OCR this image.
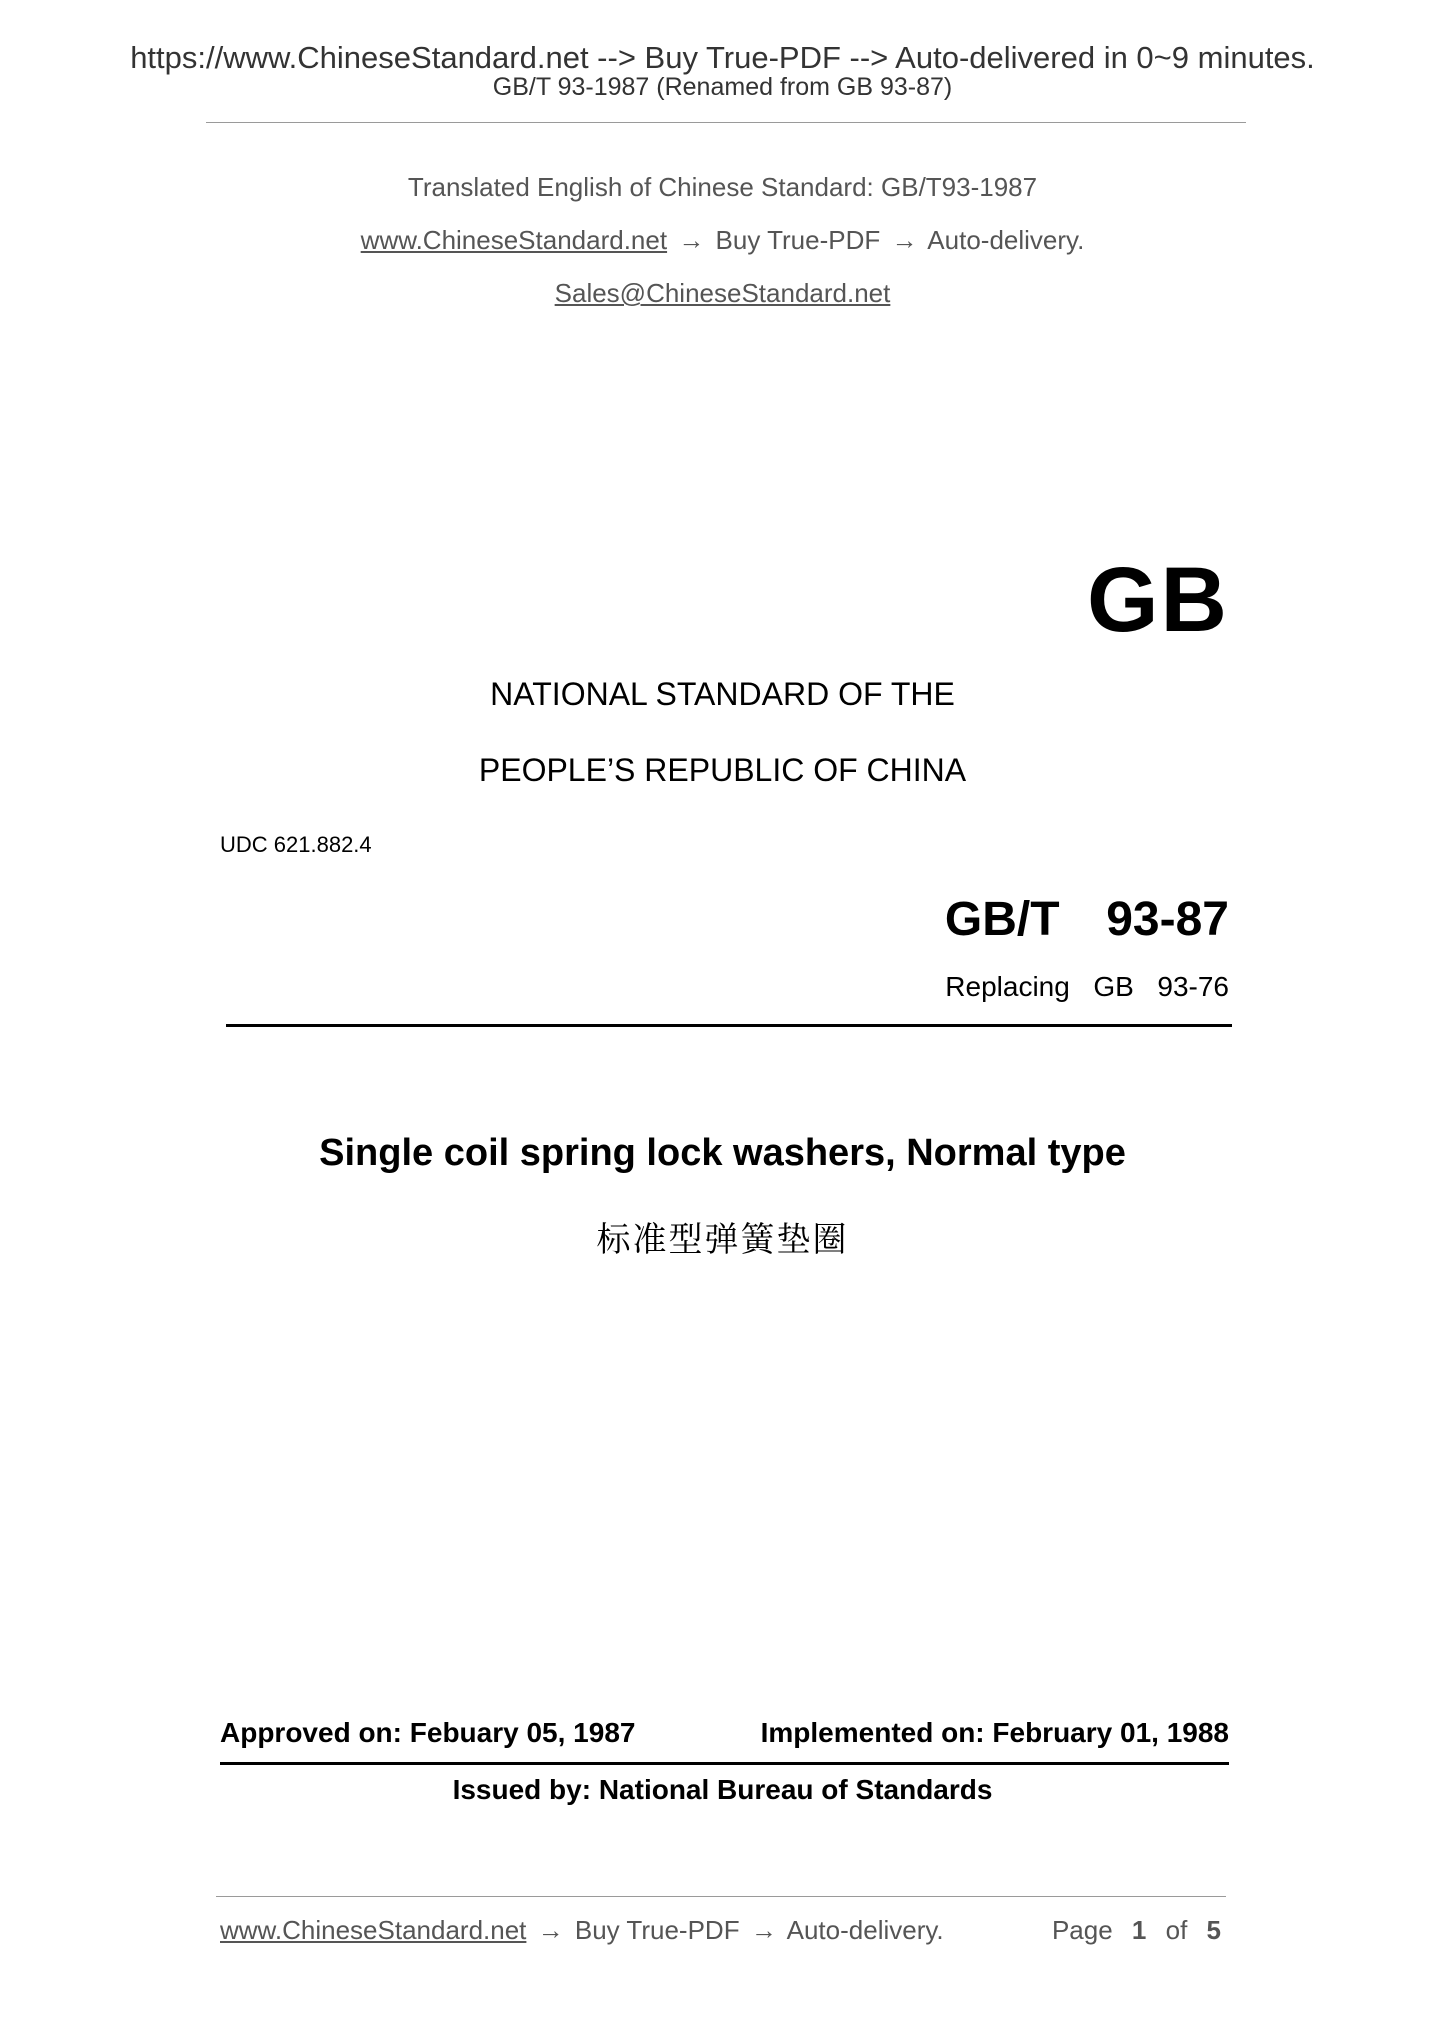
https://www.ChineseStandard.net --> Buy True-PDF --> Auto-delivered in 0~9 minutes.
GB/T 93-1987 (Renamed from GB 93-87)
Translated English of Chinese Standard: GB/T93-1987
www.ChineseStandard.net → Buy True-PDF → Auto-delivery.
Sales@ChineseStandard.net
GB
NATIONAL STANDARD OF THE
PEOPLE’S REPUBLIC OF CHINA
UDC 621.882.4
GB/T  93-87
Replacing  GB  93-76
Single coil spring lock washers, Normal type
标准型弹簧垫圈
Approved on: Febuary 05, 1987	Implemented on: February 01, 1988
Issued by: National Bureau of Standards
www.ChineseStandard.net → Buy True-PDF → Auto-delivery.	Page 1 of 5
